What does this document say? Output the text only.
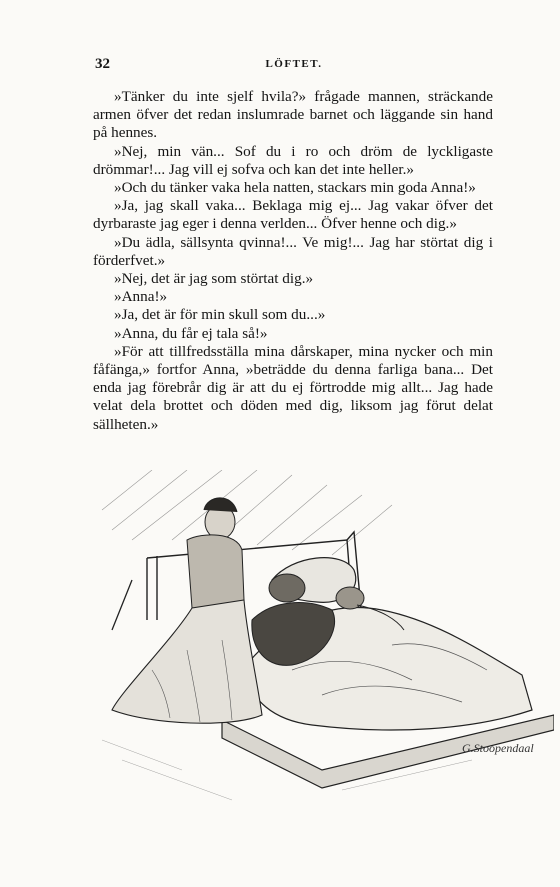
32	LÖFTET.

»Tänker du inte sjelf hvila?» frågade mannen, sträckande armen öfver det redan inslumrade barnet och läggande sin hand på hennes.

»Nej, min vän... Sof du i ro och dröm de lyckligaste drömmar!... Jag vill ej sofva och kan det inte heller.»

»Och du tänker vaka hela natten, stackars min goda Anna!»

»Ja, jag skall vaka... Beklaga mig ej... Jag vakar öfver det dyrbaraste jag eger i denna verlden... Öfver henne och dig.»

»Du ädla, sällsynta qvinna!... Ve mig!... Jag har störtat dig i förderfvet.»

»Nej, det är jag som störtat dig.»

»Anna!»

»Ja, det är för min skull som du...»

»Anna, du får ej tala så!»

»För att tillfredsställa mina dårskaper, mina nycker och min fåfänga,» fortfor Anna, »beträdde du denna farliga bana... Det enda jag förebrår dig är att du ej förtrodde mig allt... Jag hade velat dela brottet och döden med dig, liksom jag förut delat sällheten.»

G.Stoopendaal
